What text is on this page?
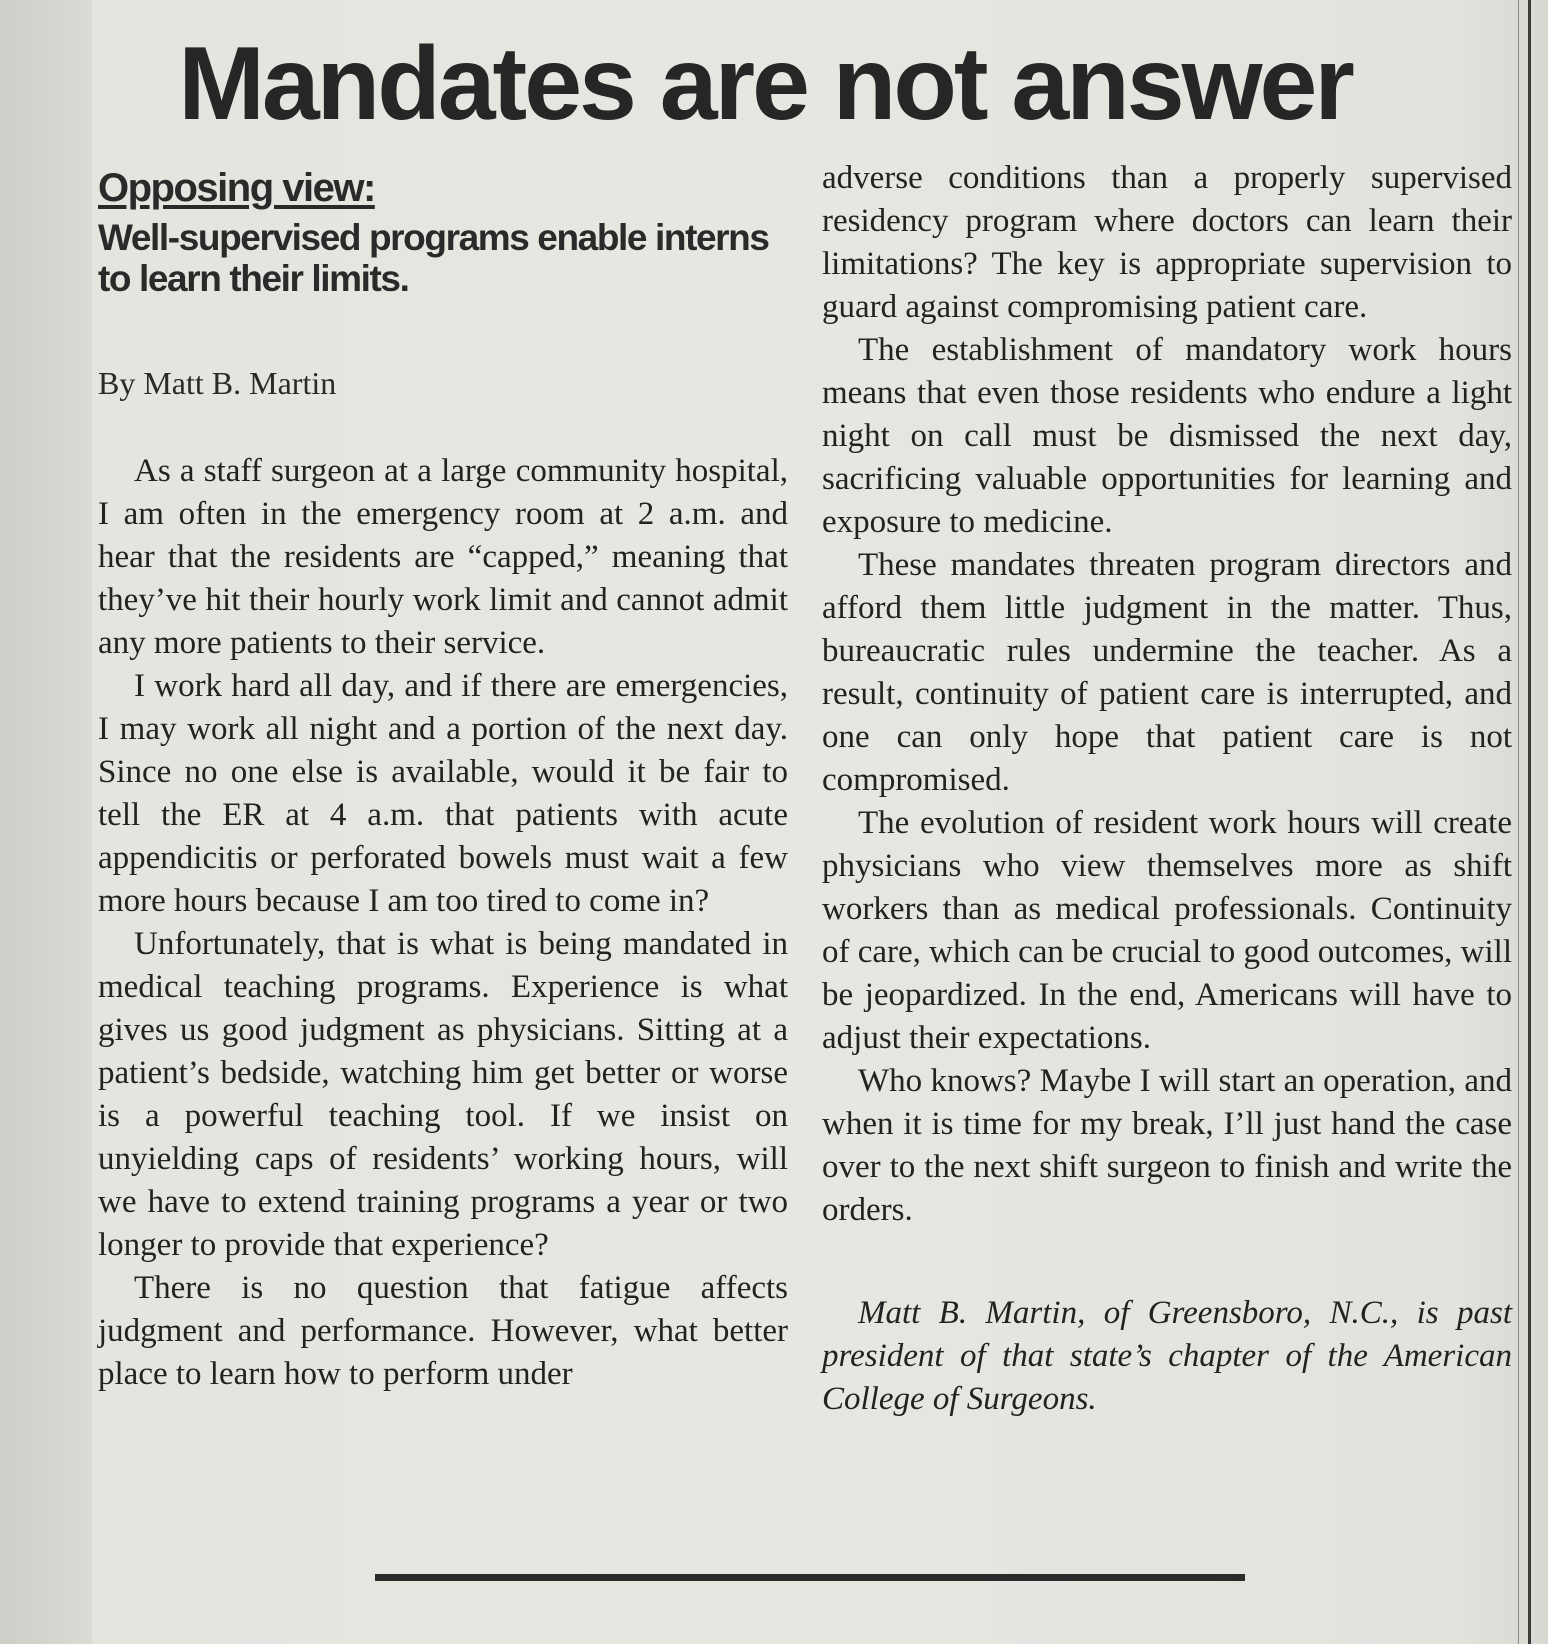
Mandates are not answer
Opposing view:
Well-supervised programs enable interns to learn their limits.
By Matt B. Martin

As a staff surgeon at a large community hospital, I am often in the emergency room at 2 a.m. and hear that the residents are “capped,” meaning that they’ve hit their hourly work limit and cannot admit any more patients to their service.

I work hard all day, and if there are emergencies, I may work all night and a portion of the next day. Since no one else is available, would it be fair to tell the ER at 4 a.m. that patients with acute appendicitis or perforated bowels must wait a few more hours because I am too tired to come in?

Unfortunately, that is what is being mandated in medical teaching programs. Experience is what gives us good judgment as physicians. Sitting at a patient’s bedside, watching him get better or worse is a powerful teaching tool. If we insist on unyielding caps of residents’ working hours, will we have to extend training programs a year or two longer to provide that experience?

There is no question that fatigue affects judgment and performance. However, what better place to learn how to perform under

adverse conditions than a properly supervised residency program where doctors can learn their limitations? The key is appropriate supervision to guard against compromising patient care.

The establishment of mandatory work hours means that even those residents who endure a light night on call must be dismissed the next day, sacrificing valuable opportunities for learning and exposure to medicine.

These mandates threaten program directors and afford them little judgment in the matter. Thus, bureaucratic rules undermine the teacher. As a result, continuity of patient care is interrupted, and one can only hope that patient care is not compromised.

The evolution of resident work hours will create physicians who view themselves more as shift workers than as medical professionals. Continuity of care, which can be crucial to good outcomes, will be jeopardized. In the end, Americans will have to adjust their expectations.

Who knows? Maybe I will start an operation, and when it is time for my break, I’ll just hand the case over to the next shift surgeon to finish and write the orders.

Matt B. Martin, of Greensboro, N.C., is past president of that state’s chapter of the American College of Surgeons.
